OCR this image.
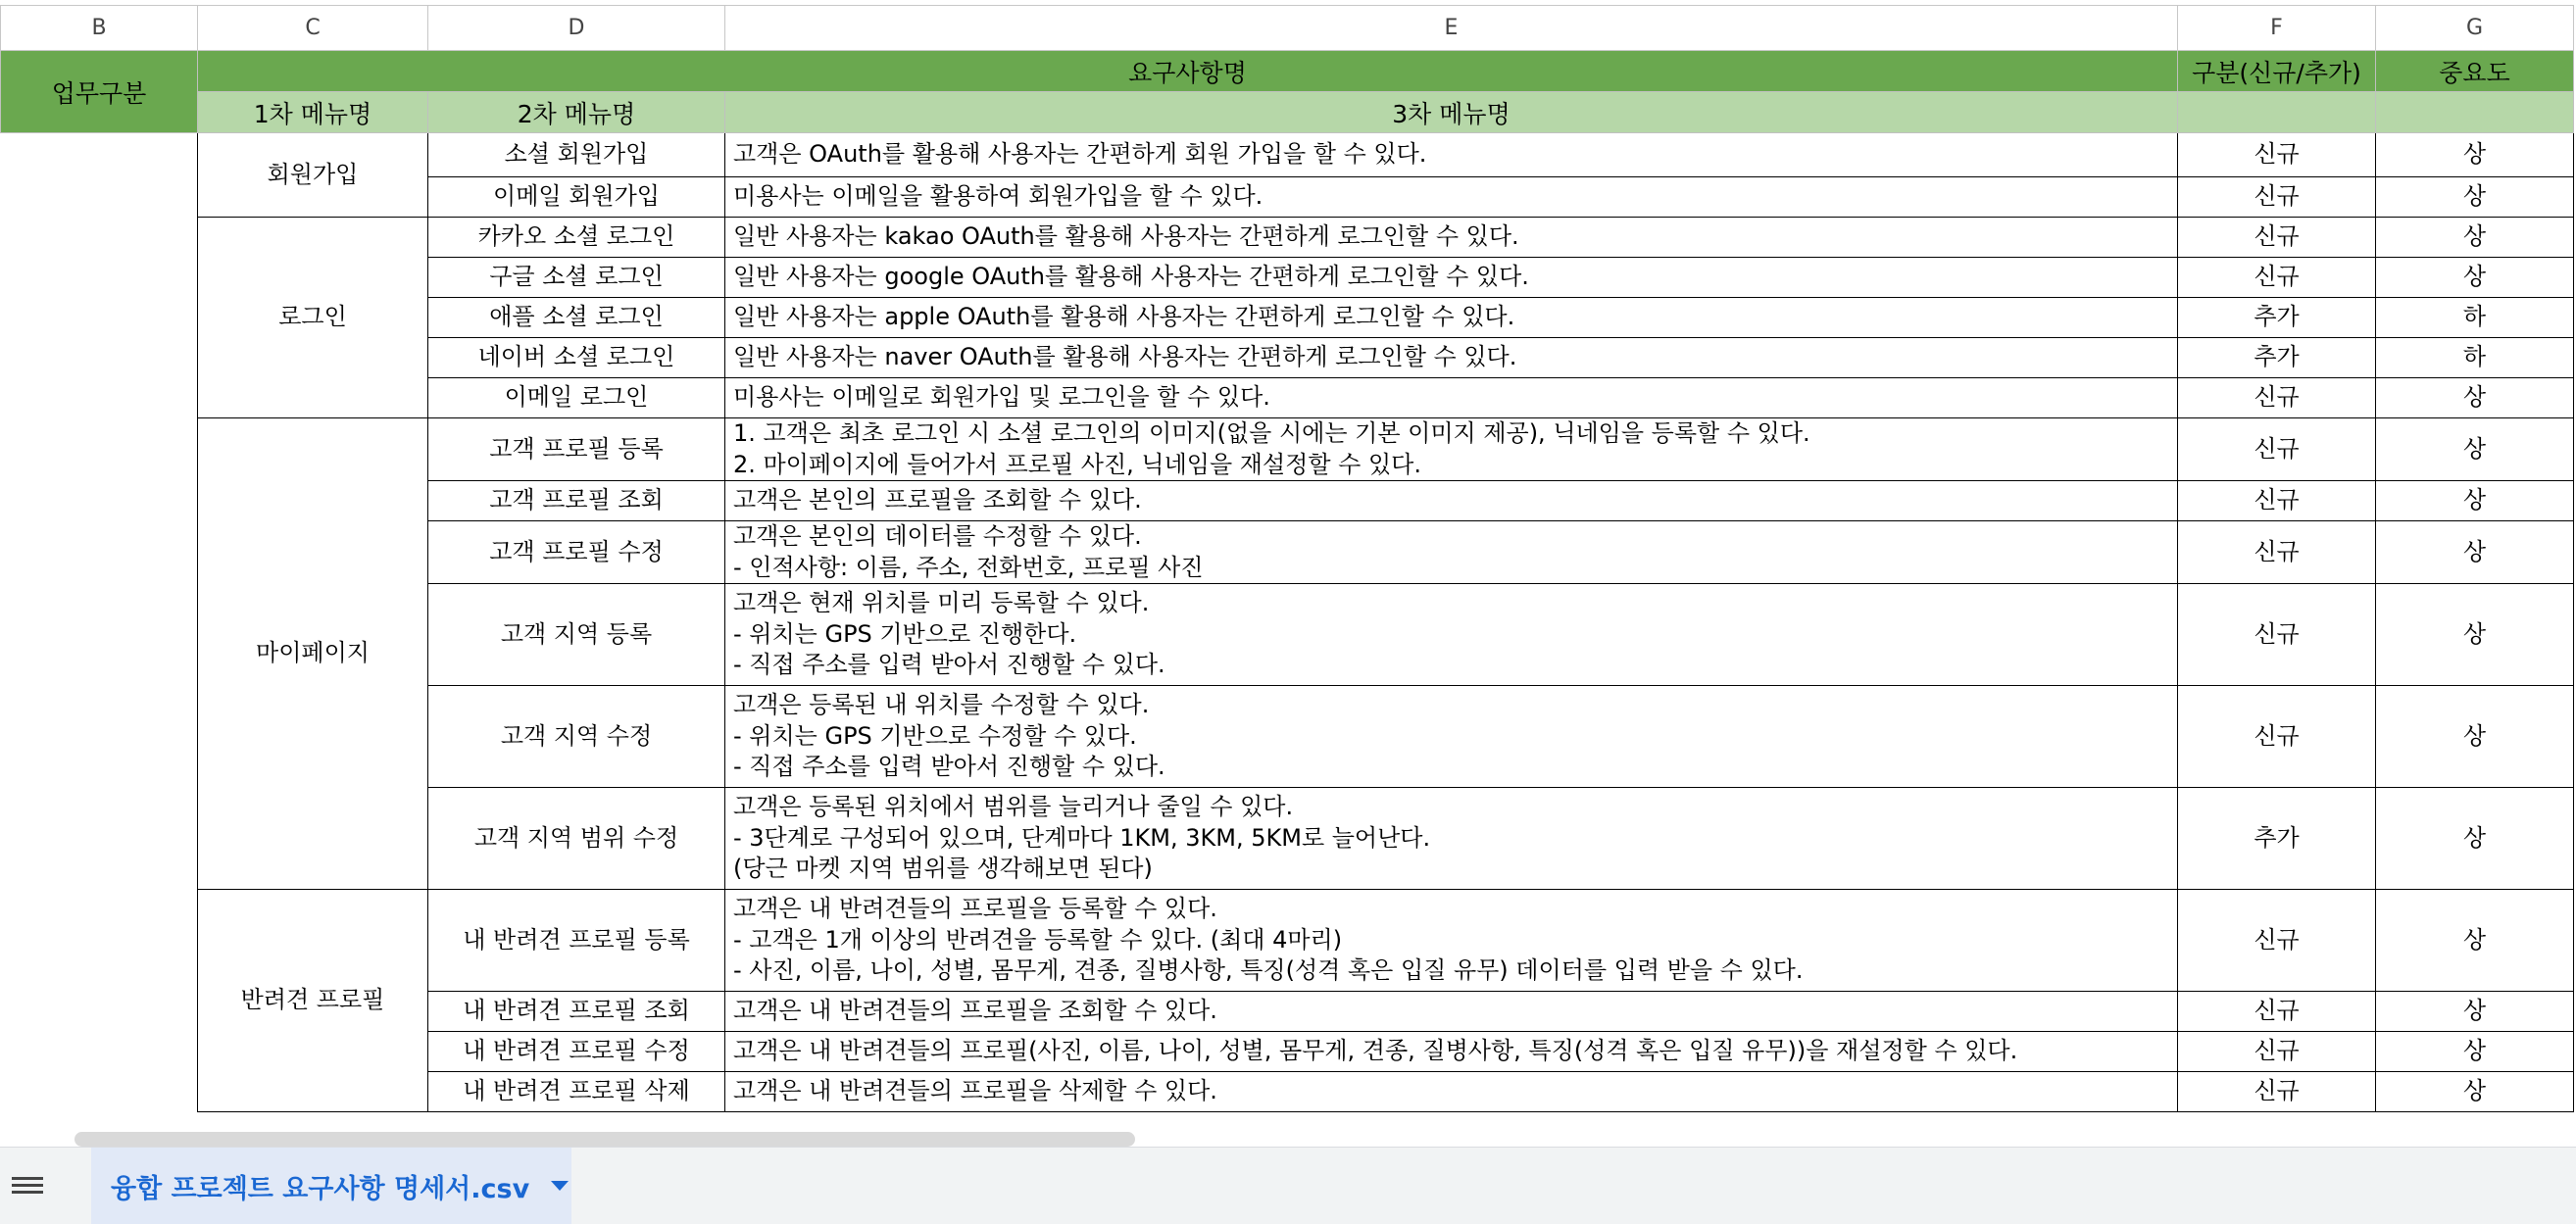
B	C	D	E	F	G
업무구분	요구사항명			구분(신규/추가)	중요도
	1차 메뉴명	2차 메뉴명	3차 메뉴명		
	회원가입	소셜 회원가입	고객은 OAuth를 활용해 사용자는 간편하게 회원 가입을 할 수 있다.	신규	상
		이메일 회원가입	미용사는 이메일을 활용하여 회원가입을 할 수 있다.	신규	상
	로그인	카카오 소셜 로그인	일반 사용자는 kakao OAuth를 활용해 사용자는 간편하게 로그인할 수 있다.	신규	상
		구글 소셜 로그인	일반 사용자는 google OAuth를 활용해 사용자는 간편하게 로그인할 수 있다.	신규	상
		애플 소셜 로그인	일반 사용자는 apple OAuth를 활용해 사용자는 간편하게 로그인할 수 있다.	추가	하
		네이버 소셜 로그인	일반 사용자는 naver OAuth를 활용해 사용자는 간편하게 로그인할 수 있다.	추가	하
		이메일 로그인	미용사는 이메일로 회원가입 및 로그인을 할 수 있다.	신규	상
	마이페이지	고객 프로필 등록	1. 고객은 최초 로그인 시 소셜 로그인의 이미지(없을 시에는 기본 이미지 제공), 닉네임을 등록할 수 있다.
2. 마이페이지에 들어가서 프로필 사진, 닉네임을 재설정할 수 있다.	신규	상
		고객 프로필 조회	고객은 본인의 프로필을 조회할 수 있다.	신규	상
		고객 프로필 수정	고객은 본인의 데이터를 수정할 수 있다.
- 인적사항: 이름, 주소, 전화번호, 프로필 사진	신규	상
		고객 지역 등록	고객은 현재 위치를 미리 등록할 수 있다.
- 위치는 GPS 기반으로 진행한다.
- 직접 주소를 입력 받아서 진행할 수 있다.	신규	상
		고객 지역 수정	고객은 등록된 내 위치를 수정할 수 있다.
- 위치는 GPS 기반으로 수정할 수 있다.
- 직접 주소를 입력 받아서 진행할 수 있다.	신규	상
		고객 지역 범위 수정	고객은 등록된 위치에서 범위를 늘리거나 줄일 수 있다.
- 3단계로 구성되어 있으며, 단계마다 1KM, 3KM, 5KM로 늘어난다.
(당근 마켓 지역 범위를 생각해보면 된다)	추가	상
	반려견 프로필	내 반려견 프로필 등록	고객은 내 반려견들의 프로필을 등록할 수 있다.
- 고객은 1개 이상의 반려견을 등록할 수 있다. (최대 4마리)
- 사진, 이름, 나이, 성별, 몸무게, 견종, 질병사항, 특징(성격 혹은 입질 유무) 데이터를 입력 받을 수 있다.	신규	상
		내 반려견 프로필 조회	고객은 내 반려견들의 프로필을 조회할 수 있다.	신규	상
		내 반려견 프로필 수정	고객은 내 반려견들의 프로필(사진, 이름, 나이, 성별, 몸무게, 견종, 질병사항, 특징(성격 혹은 입질 유무))을 재설정할 수 있다.	신규	상
		내 반려견 프로필 삭제	고객은 내 반려견들의 프로필을 삭제할 수 있다.	신규	상
융합 프로젝트 요구사항 명세서.csv
